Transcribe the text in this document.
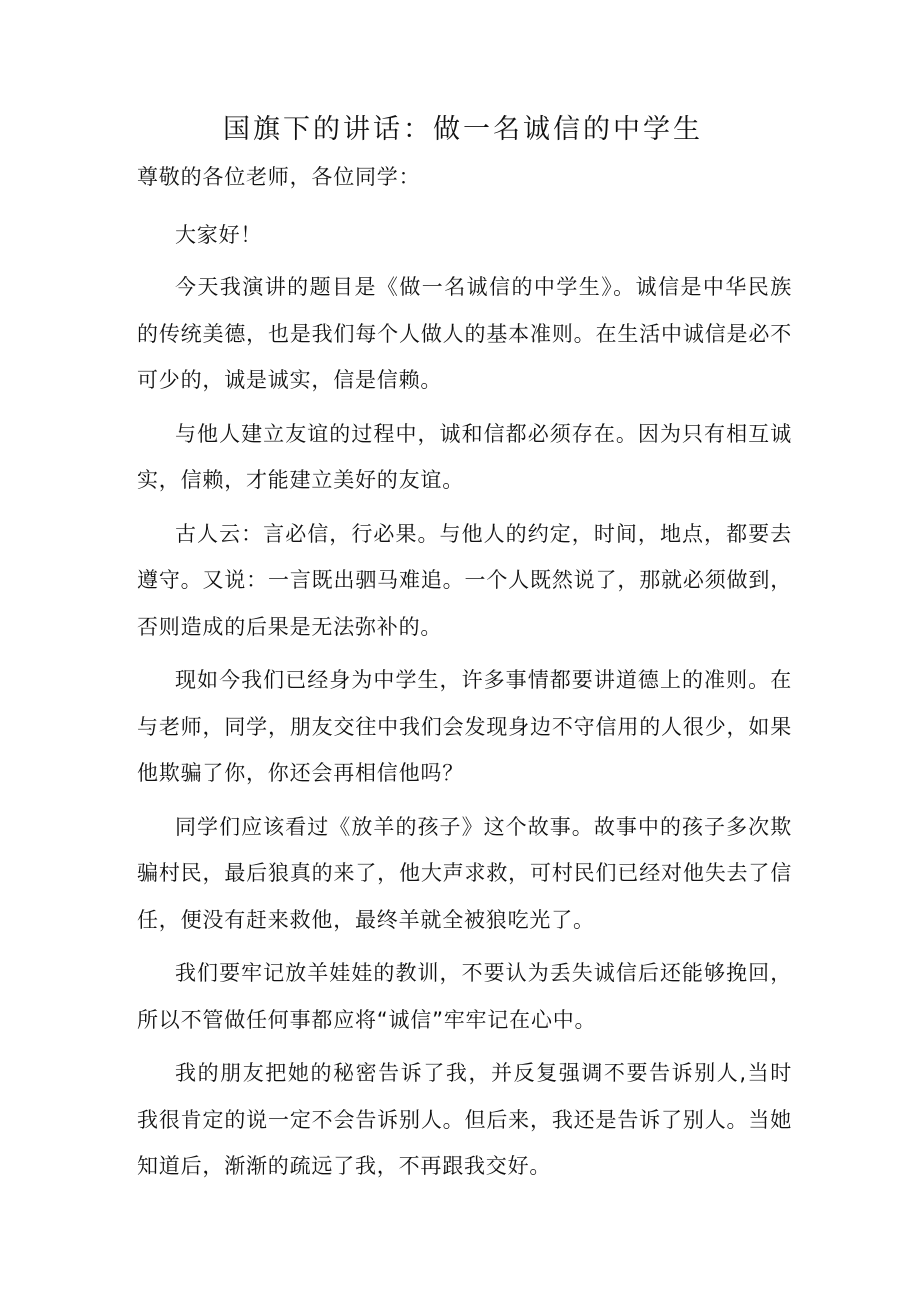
国旗下的讲话：做一名诚信的中学生

尊敬的各位老师，各位同学：

大家好！

今天我演讲的题目是《做一名诚信的中学生》。诚信是中华民族的传统美德，也是我们每个人做人的基本准则。在生活中诚信是必不可少的，诚是诚实，信是信赖。

与他人建立友谊的过程中，诚和信都必须存在。因为只有相互诚实，信赖，才能建立美好的友谊。

古人云：言必信，行必果。与他人的约定，时间，地点，都要去遵守。又说：一言既出驷马难追。一个人既然说了，那就必须做到，否则造成的后果是无法弥补的。

现如今我们已经身为中学生，许多事情都要讲道德上的准则。在与老师，同学，朋友交往中我们会发现身边不守信用的人很少，如果他欺骗了你，你还会再相信他吗？

同学们应该看过《放羊的孩子》这个故事。故事中的孩子多次欺骗村民，最后狼真的来了，他大声求救，可村民们已经对他失去了信任，便没有赶来救他，最终羊就全被狼吃光了。

我们要牢记放羊娃娃的教训，不要认为丢失诚信后还能够挽回，所以不管做任何事都应将“诚信”牢牢记在心中。

我的朋友把她的秘密告诉了我，并反复强调不要告诉别人,当时我很肯定的说一定不会告诉别人。但后来，我还是告诉了别人。当她知道后，渐渐的疏远了我，不再跟我交好。
